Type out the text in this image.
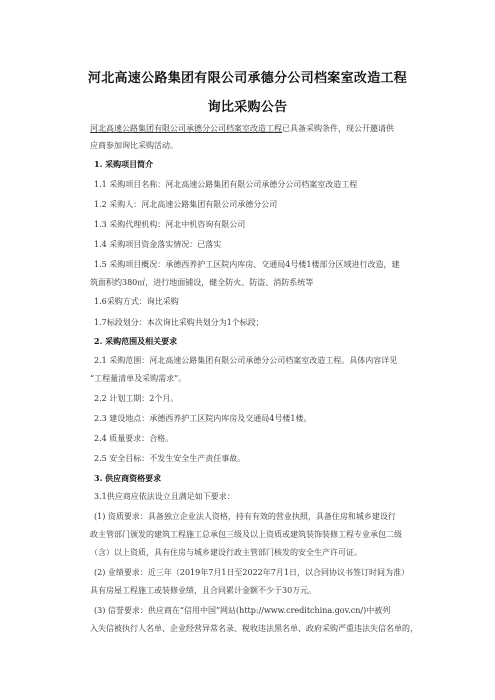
河北高速公路集团有限公司承德分公司档案室改造工程
询比采购公告
河北高速公路集团有限公司承德分公司档案室改造工程已具备采购条件，现公开邀请供
应商参加询比采购活动。
1. 采购项目简介
1.1 采购项目名称：河北高速公路集团有限公司承德分公司档案室改造工程
1.2 采购人：河北高速公路集团有限公司承德分公司
1.3 采购代理机构：河北中机咨询有限公司
1.4 采购项目资金落实情况：已落实
1.5 采购项目概况：承德西养护工区院内库房、交通局4号楼1楼部分区域进行改造，建
筑面积约380㎡，进行地面铺设，健全防火、防盗、消防系统等
1.6采购方式：询比采购
1.7标段划分：本次询比采购共划分为1个标段；
2. 采购范围及相关要求
2.1 采购范围：河北高速公路集团有限公司承德分公司档案室改造工程。具体内容详见
“工程量清单及采购需求”。
2.2 计划工期：2个月。
2.3 建设地点：承德西养护工区院内库房及交通局4号楼1楼。
2.4 质量要求：合格。
2.5 安全目标：不发生安全生产责任事故。
3. 供应商资格要求
3.1供应商应依法设立且满足如下要求：
(1) 资质要求：具备独立企业法人资格，持有有效的营业执照，具备住房和城乡建设行
政主管部门颁发的建筑工程施工总承包三级及以上资质或建筑装饰装修工程专业承包二级
（含）以上资质，具有住房与城乡建设行政主管部门核发的安全生产许可证。
(2) 业绩要求：近三年（2019年7月1日至2022年7月1日，以合同协议书签订时间为准）
具有房屋工程施工或装修业绩，且合同累计金额不少于30万元。
(3) 信誉要求：供应商在“信用中国”网站(http://www.creditchina.gov.cn/)中被列
入失信被执行人名单、企业经营异常名录、税收违法黑名单、政府采购严重违法失信名单的，
